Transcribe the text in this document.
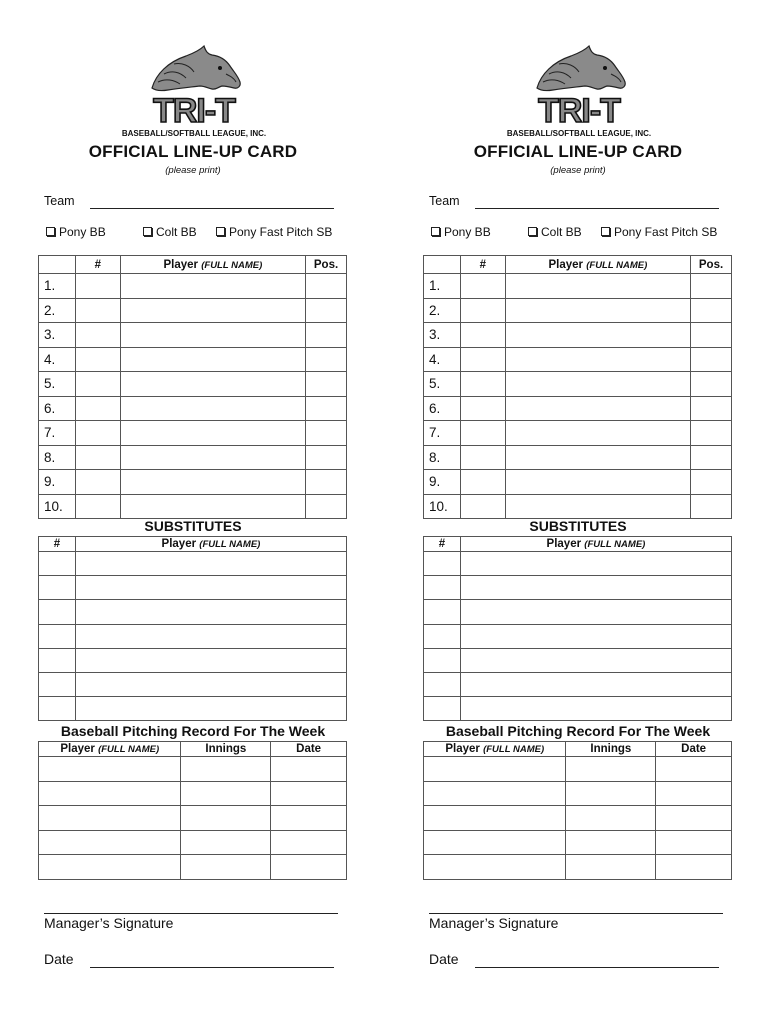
TRI-T
BASEBALL/SOFTBALL LEAGUE, INC.
OFFICIAL LINE-UP CARD
(please print)
Team
Pony BB	Colt BB	Pony Fast Pitch SB
	#	Player (FULL NAME)	Pos.
1.			
2.			
3.			
4.			
5.			
6.			
7.			
8.			
9.			
10.			
SUBSTITUTES
#	Player (FULL NAME)

Baseball Pitching Record For The Week
Player (FULL NAME)	Innings	Date

Manager’s Signature
Date
TRI-T
BASEBALL/SOFTBALL LEAGUE, INC.
OFFICIAL LINE-UP CARD
(please print)
Team
Pony BB	Colt BB	Pony Fast Pitch SB
	#	Player (FULL NAME)	Pos.
1.			
2.			
3.			
4.			
5.			
6.			
7.			
8.			
9.			
10.			
SUBSTITUTES
#	Player (FULL NAME)

Baseball Pitching Record For The Week
Player (FULL NAME)	Innings	Date

Manager’s Signature
Date
